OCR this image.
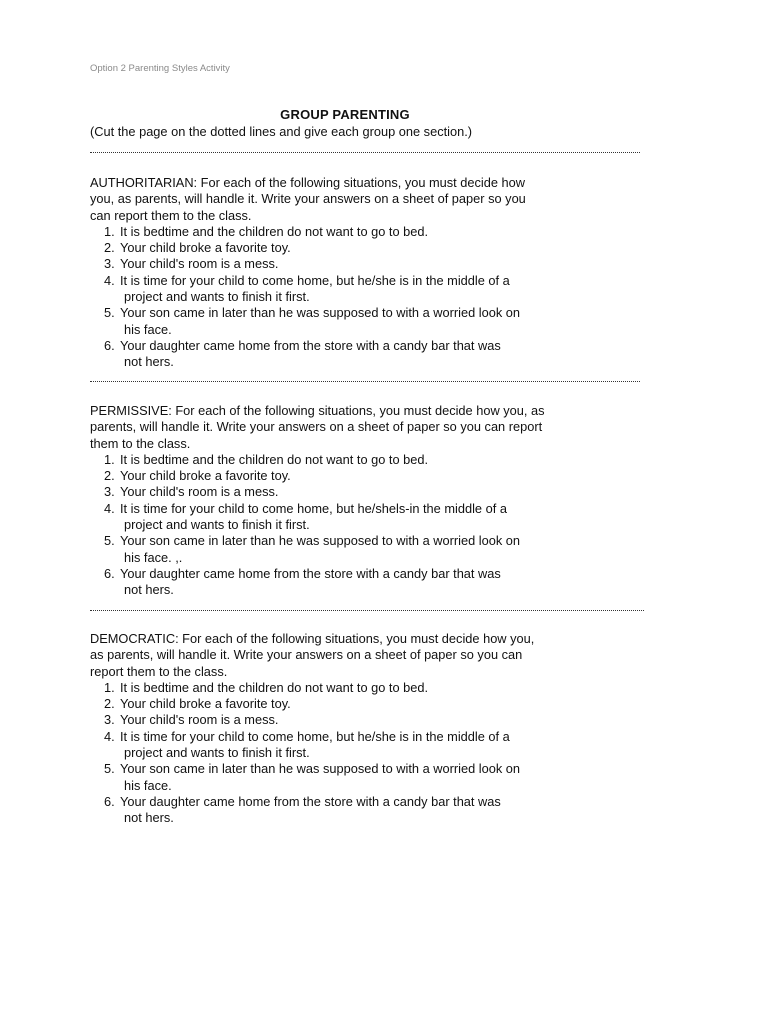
Option 2 Parenting Styles Activity
GROUP PARENTING
(Cut the page on the dotted lines and give each group one section.)

AUTHORITARIAN: For each of the following situations, you must decide how
you, as parents, will handle it. Write your answers on a sheet of paper so you
can report them to the class.

1. It is bedtime and the children do not want to go to bed.
2. Your child broke a favorite toy.
3. Your child's room is a mess.
4. It is time for your child to come home, but he/she is in the middle of a
project and wants to finish it first.
5. Your son came in later than he was supposed to with a worried look on
his face.
6. Your daughter came home from the store with a candy bar that was
not hers.

PERMISSIVE: For each of the following situations, you must decide how you, as
parents, will handle it. Write your answers on a sheet of paper so you can report
them to the class.

1. It is bedtime and the children do not want to go to bed.
2. Your child broke a favorite toy.
3. Your child's room is a mess.
4. It is time for your child to come home, but he/shels-in the middle of a
project and wants to finish it first.
5. Your son came in later than he was supposed to with a worried look on
his face. ,.
6. Your daughter came home from the store with a candy bar that was
not hers.

DEMOCRATIC: For each of the following situations, you must decide how you,
as parents, will handle it. Write your answers on a sheet of paper so you can
report them to the class.

1. It is bedtime and the children do not want to go to bed.
2. Your child broke a favorite toy.
3. Your child's room is a mess.
4. It is time for your child to come home, but he/she is in the middle of a
project and wants to finish it first.
5. Your son came in later than he was supposed to with a worried look on
his face.
6. Your daughter came home from the store with a candy bar that was
not hers.
